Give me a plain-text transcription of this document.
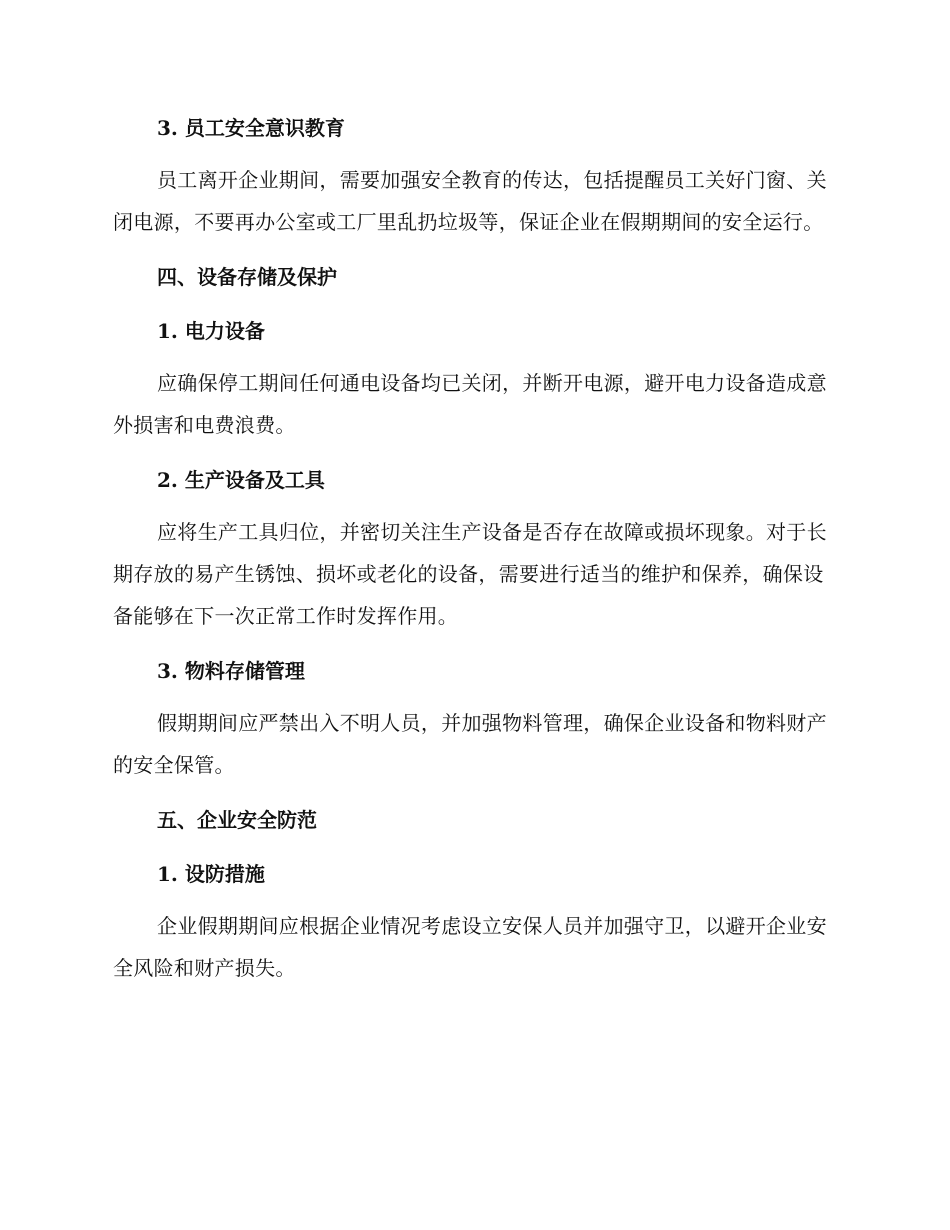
3. 员工安全意识教育

员工离开企业期间，需要加强安全教育的传达，包括提醒员工关好门窗、关闭电源，不要再办公室或工厂里乱扔垃圾等，保证企业在假期期间的安全运行。

四、设备存储及保护
1. 电力设备

应确保停工期间任何通电设备均已关闭，并断开电源，避开电力设备造成意外损害和电费浪费。

2. 生产设备及工具

应将生产工具归位，并密切关注生产设备是否存在故障或损坏现象。对于长期存放的易产生锈蚀、损坏或老化的设备，需要进行适当的维护和保养，确保设备能够在下一次正常工作时发挥作用。

3. 物料存储管理

假期期间应严禁出入不明人员，并加强物料管理，确保企业设备和物料财产的安全保管。

五、企业安全防范
1. 设防措施

企业假期期间应根据企业情况考虑设立安保人员并加强守卫，以避开企业安全风险和财产损失。
